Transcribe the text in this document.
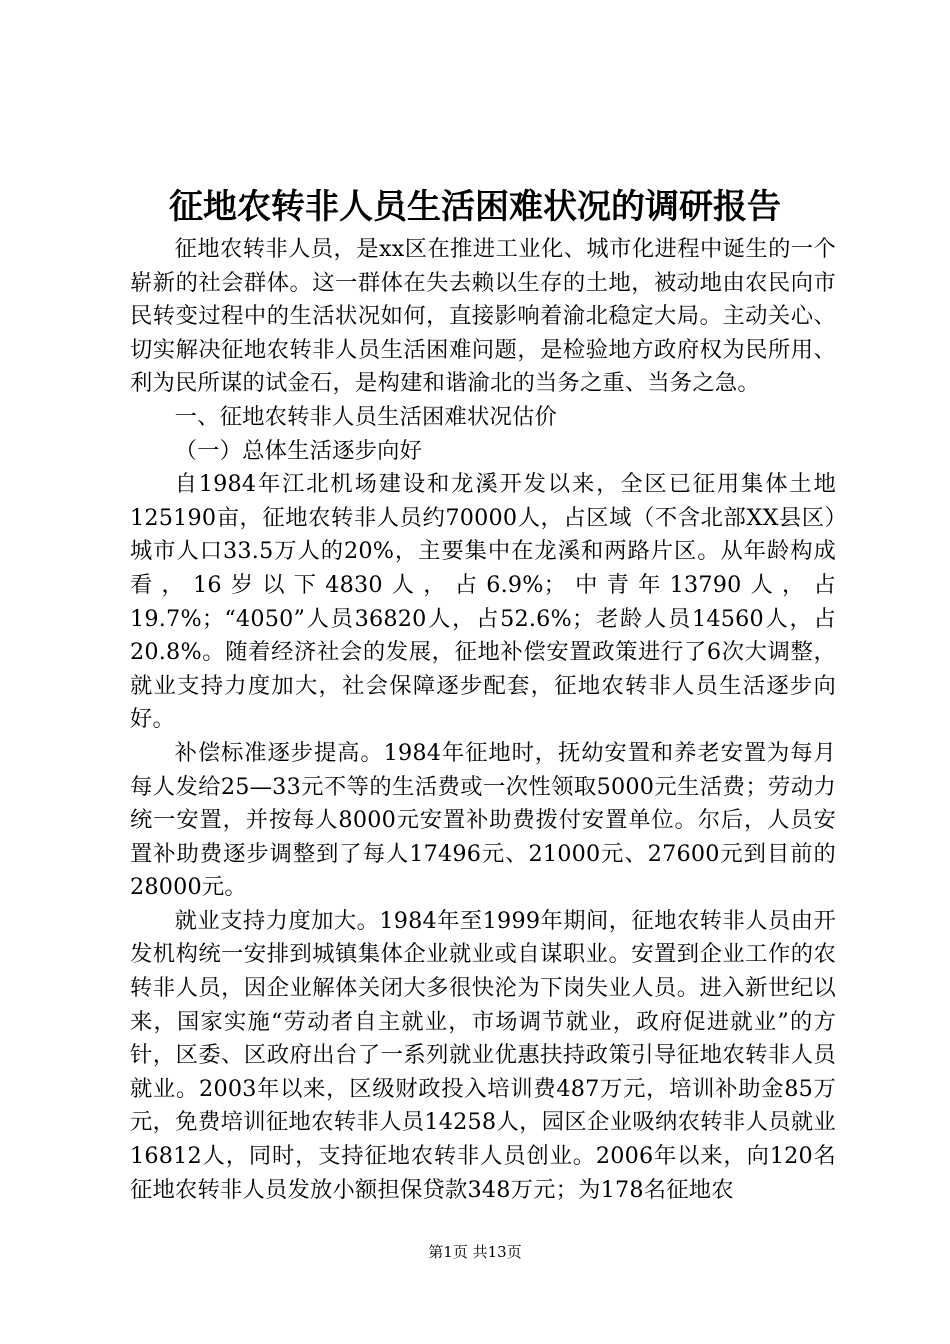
征地农转非人员生活困难状况的调研报告

征地农转非人员，是xx区在推进工业化、城市化进程中诞生的一个崭新的社会群体。这一群体在失去赖以生存的土地，被动地由农民向市民转变过程中的生活状况如何，直接影响着渝北稳定大局。主动关心、切实解决征地农转非人员生活困难问题，是检验地方政府权为民所用、利为民所谋的试金石，是构建和谐渝北的当务之重、当务之急。

一、征地农转非人员生活困难状况估价

（一）总体生活逐步向好

自1984年江北机场建设和龙溪开发以来，全区已征用集体土地125190亩，征地农转非人员约70000人，占区域（不含北部XX县区）城市人口33.5万人的20%，主要集中在龙溪和两路片区。从年龄构成看，16岁以下4830人，占6.9%；中青年13790人，占19.7%；“4050”人员36820人，占52.6%；老龄人员14560人，占20.8%。随着经济社会的发展，征地补偿安置政策进行了6次大调整，就业支持力度加大，社会保障逐步配套，征地农转非人员生活逐步向好。

补偿标准逐步提高。1984年征地时，抚幼安置和养老安置为每月每人发给25—33元不等的生活费或一次性领取5000元生活费；劳动力统一安置，并按每人8000元安置补助费拨付安置单位。尔后，人员安置补助费逐步调整到了每人17496元、21000元、27600元到目前的28000元。

就业支持力度加大。1984年至1999年期间，征地农转非人员由开发机构统一安排到城镇集体企业就业或自谋职业。安置到企业工作的农转非人员，因企业解体关闭大多很快沦为下岗失业人员。进入新世纪以来，国家实施“劳动者自主就业，市场调节就业，政府促进就业”的方针，区委、区政府出台了一系列就业优惠扶持政策引导征地农转非人员就业。2003年以来，区级财政投入培训费487万元，培训补助金85万元，免费培训征地农转非人员14258人，园区企业吸纳农转非人员就业16812人，同时，支持征地农转非人员创业。2006年以来，向120名征地农转非人员发放小额担保贷款348万元；为178名征地农

第1页 共13页
